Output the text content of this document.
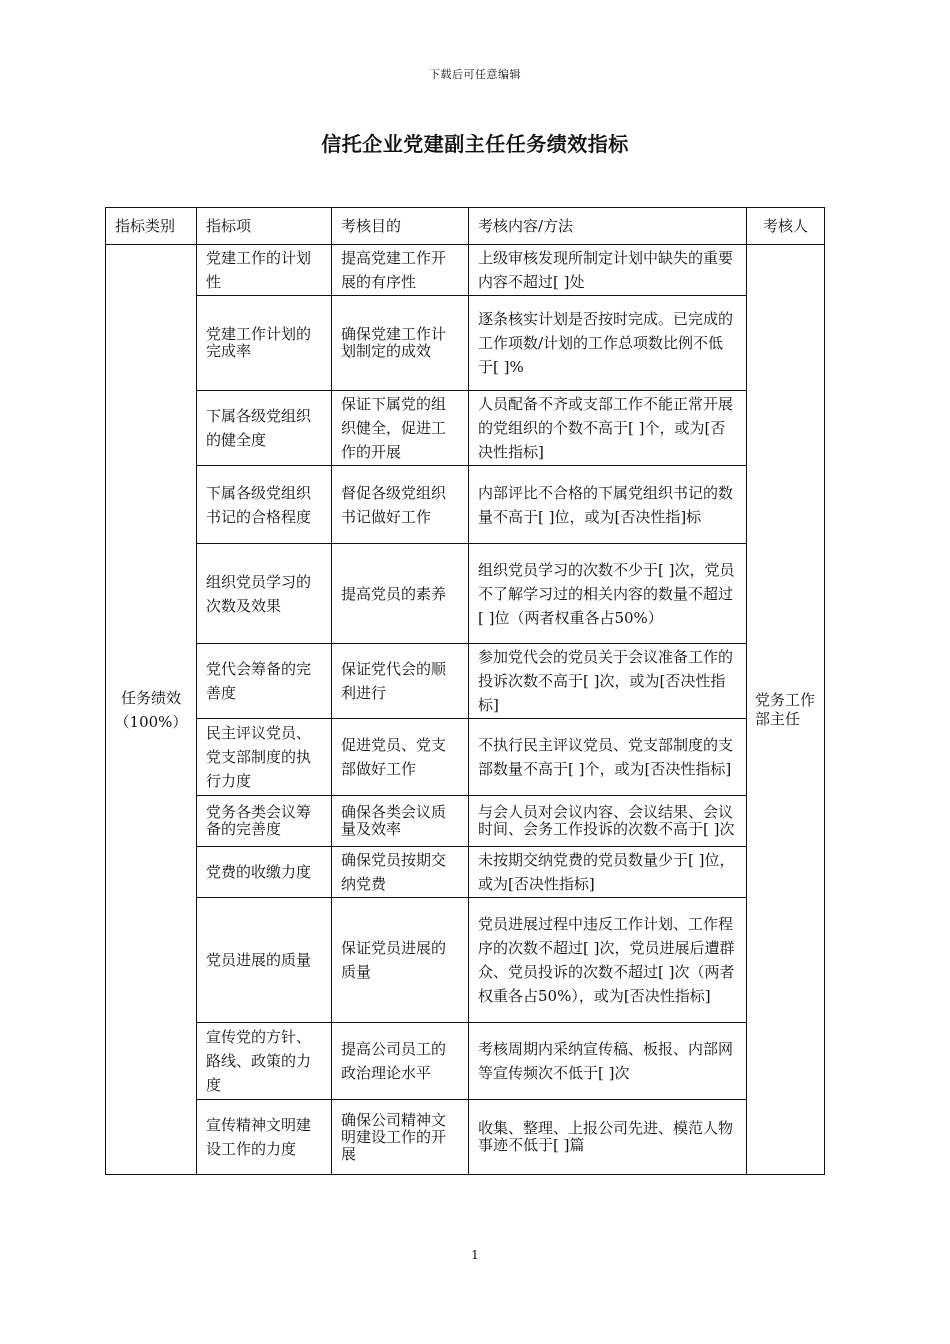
下载后可任意编辑
信托企业党建副主任任务绩效指标
指标类别	指标项	考核目的	考核内容/方法	考核人

任务绩效
（100%）	党建工作的计划性	提高党建工作开展的有序性	上级审核发现所制定计划中缺失的重要内容不超过[ ]处	党务工作部主任
	党建工作计划的完成率	确保党建工作计划制定的成效	逐条核实计划是否按时完成。已完成的工作项数/计划的工作总项数比例不低于[ ]%	
	下属各级党组织的健全度	保证下属党的组织健全，促进工作的开展	人员配备不齐或支部工作不能正常开展的党组织的个数不高于[ ]个，或为[否决性指标]	
	下属各级党组织书记的合格程度	督促各级党组织书记做好工作	内部评比不合格的下属党组织书记的数量不高于[ ]位，或为[否决性指]标	
	组织党员学习的次数及效果	提高党员的素养	组织党员学习的次数不少于[ ]次，党员不了解学习过的相关内容的数量不超过[ ]位（两者权重各占50%）	
	党代会筹备的完善度	保证党代会的顺利进行	参加党代会的党员关于会议准备工作的投诉次数不高于[ ]次，或为[否决性指标]	
	民主评议党员、党支部制度的执行力度	促进党员、党支部做好工作	不执行民主评议党员、党支部制度的支部数量不高于[ ]个，或为[否决性指标]	
	党务各类会议筹备的完善度	确保各类会议质量及效率	与会人员对会议内容、会议结果、会议时间、会务工作投诉的次数不高于[ ]次	
	党费的收缴力度	确保党员按期交纳党费	未按期交纳党费的党员数量少于[ ]位，或为[否决性指标]	
	党员进展的质量	保证党员进展的质量	党员进展过程中违反工作计划、工作程序的次数不超过[ ]次，党员进展后遭群众、党员投诉的次数不超过[ ]次（两者权重各占50%），或为[否决性指标]	
	宣传党的方针、路线、政策的力度	提高公司员工的政治理论水平	考核周期内采纳宣传稿、板报、内部网等宣传频次不低于[ ]次	
	宣传精神文明建设工作的力度	确保公司精神文明建设工作的开展	收集、整理、上报公司先进、模范人物事迹不低于[ ]篇	
1
